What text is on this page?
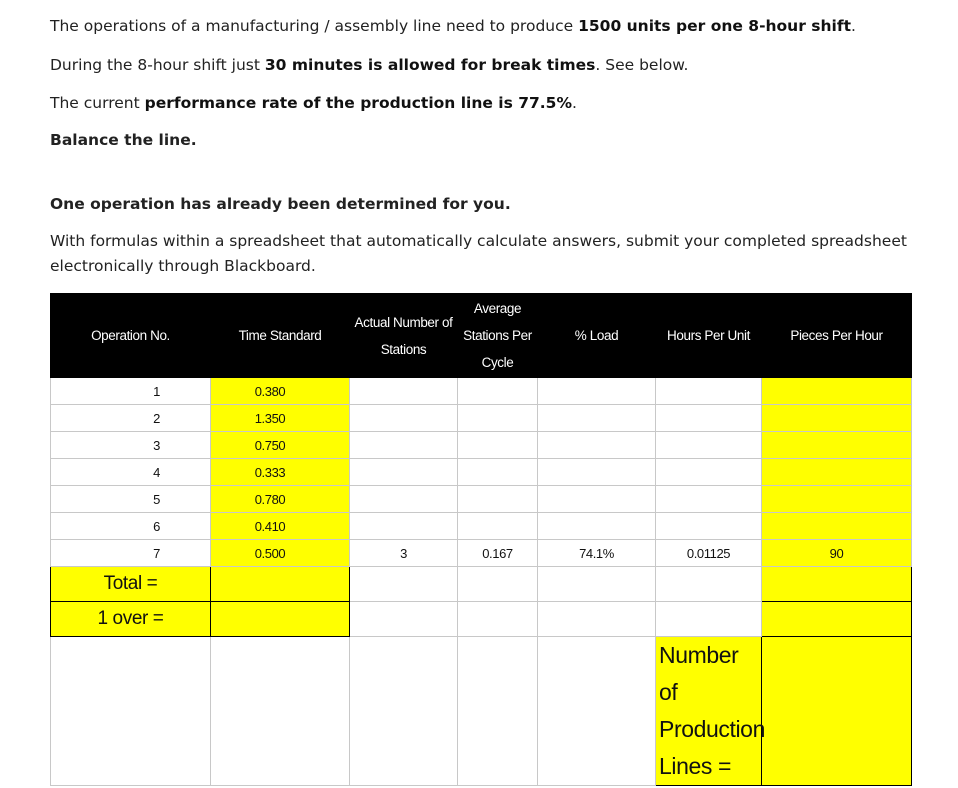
The operations of a manufacturing / assembly line need to produce 1500 units per one 8-hour shift.

During the 8-hour shift just 30 minutes is allowed for break times. See below.

The current performance rate of the production line is 77.5%.

Balance the line.

One operation has already been determined for you.

With formulas within a spreadsheet that automatically calculate answers, submit your completed spreadsheet electronically through Blackboard.

Operation No.	Time Standard	Actual Number of Stations	Average Stations Per Cycle	% Load	Hours Per Unit	Pieces Per Hour
1	0.380					
2	1.350					
3	0.750					
4	0.333					
5	0.780					
6	0.410					
7	0.500	3	0.167	74.1%	0.01125	90
Total =						
1 over =						
					Number of Production Lines =	
